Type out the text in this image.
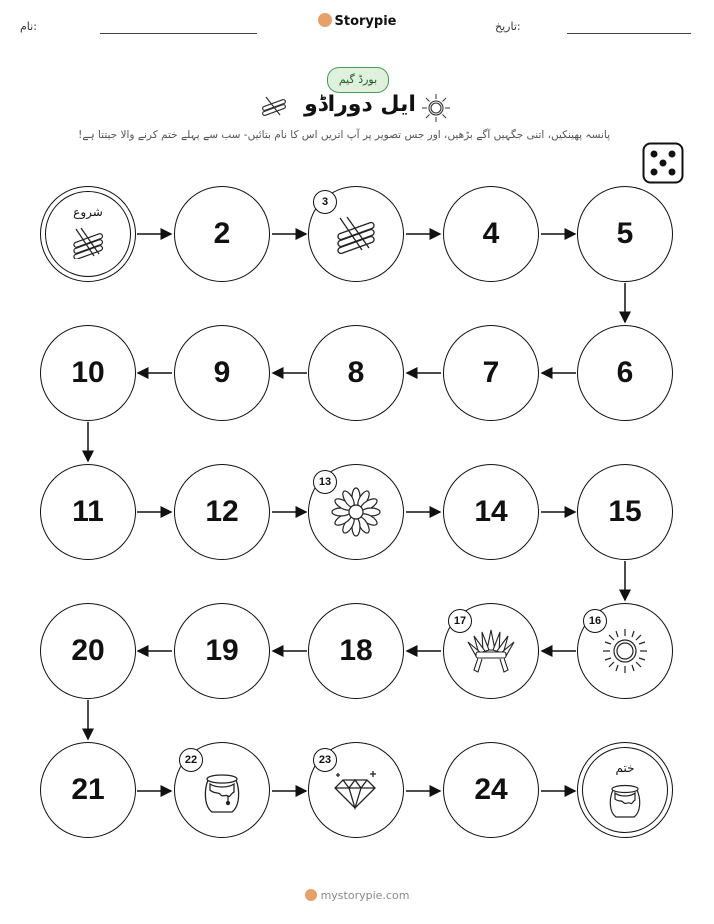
نام:	تاریخ:
Storypie
بورڈ گیم
ایل دوراڈو
پانسہ پھینکیں، اتنی جگہیں آگے بڑھیں، اور جس تصویر پر آپ اتریں اس کا نام بتائیں- سب سے پہلے ختم کرنے والا جیتتا ہے!
شروع
2
3
4	5
6
7
8
9
10
11	12
13
14	15
16
17
18
19
20
21
22	23
24
ختم
mystorypie.com
